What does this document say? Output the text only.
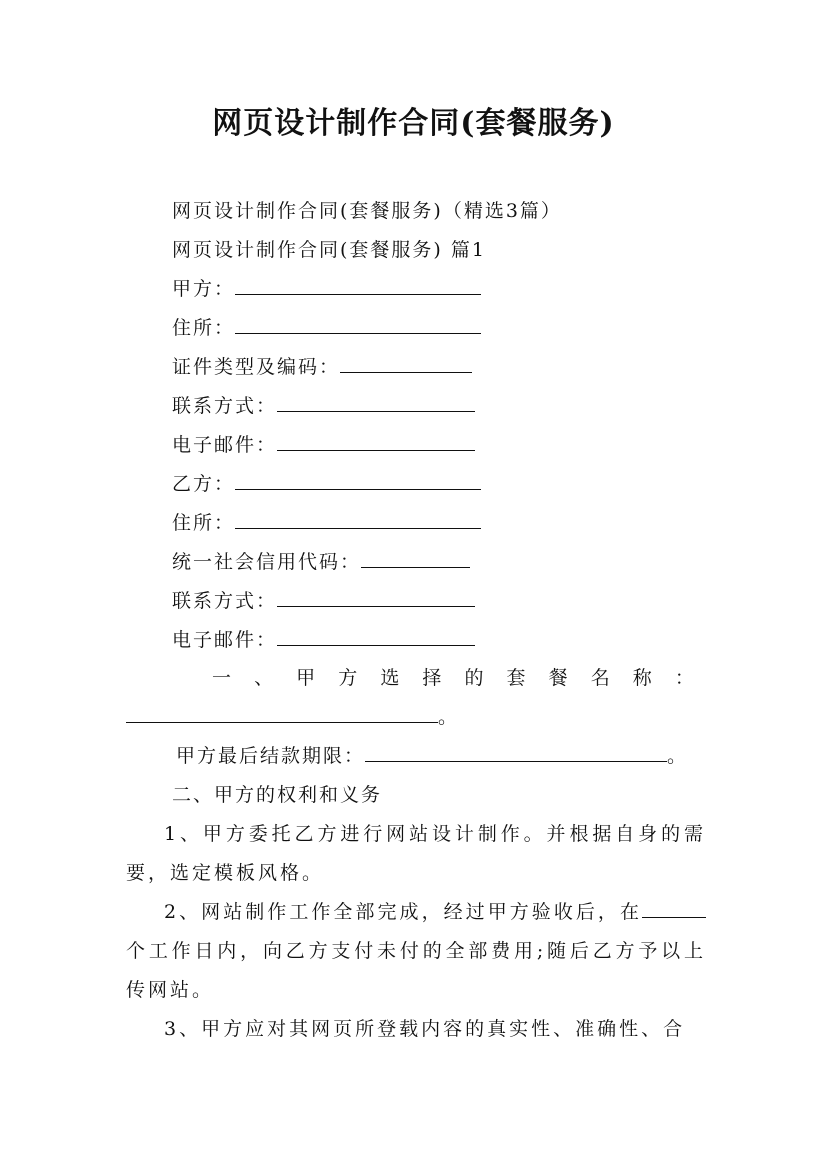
网页设计制作合同(套餐服务)
网页设计制作合同(套餐服务)（精选3篇）
网页设计制作合同(套餐服务) 篇1
甲方：
住所：
证件类型及编码：
联系方式：
电子邮件：
乙方：
住所：
统一社会信用代码：
联系方式：
电子邮件：
一 、 甲 方 选 择 的 套 餐 名 称 ：
。
甲方最后结款期限：	。
二、甲方的权利和义务

1、甲方委托乙方进行网站设计制作。并根据自身的需要，选定模板风格。

2、网站制作工作全部完成，经过甲方验收后，在个工作日内，向乙方支付未付的全部费用;随后乙方予以上传网站。

3、甲方应对其网页所登载内容的真实性、准确性、合
